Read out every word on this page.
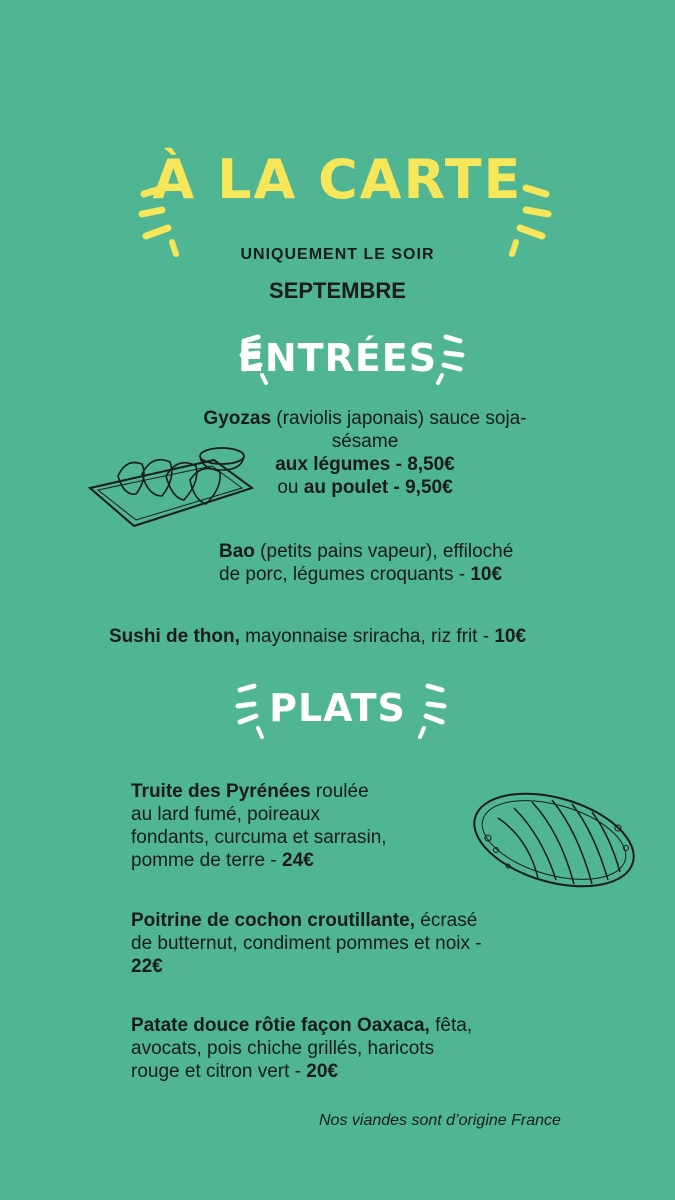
À LA CARTE
UNIQUEMENT LE SOIR
SEPTEMBRE
ENTRÉES
Gyozas (raviolis japonais) sauce soja-
sésame
aux légumes - 8,50€
ou au poulet - 9,50€
Bao (petits pains vapeur), effiloché
de porc, légumes croquants - 10€
Sushi de thon, mayonnaise sriracha, riz frit - 10€
PLATS
Truite des Pyrénées roulée
au lard fumé, poireaux
fondants, curcuma et sarrasin,
pomme de terre - 24€
Poitrine de cochon croutillante, écrasé
de butternut, condiment pommes et noix -
22€
Patate douce rôtie façon Oaxaca, fêta,
avocats, pois chiche grillés, haricots
rouge et citron vert - 20€
Nos viandes sont d’origine France
